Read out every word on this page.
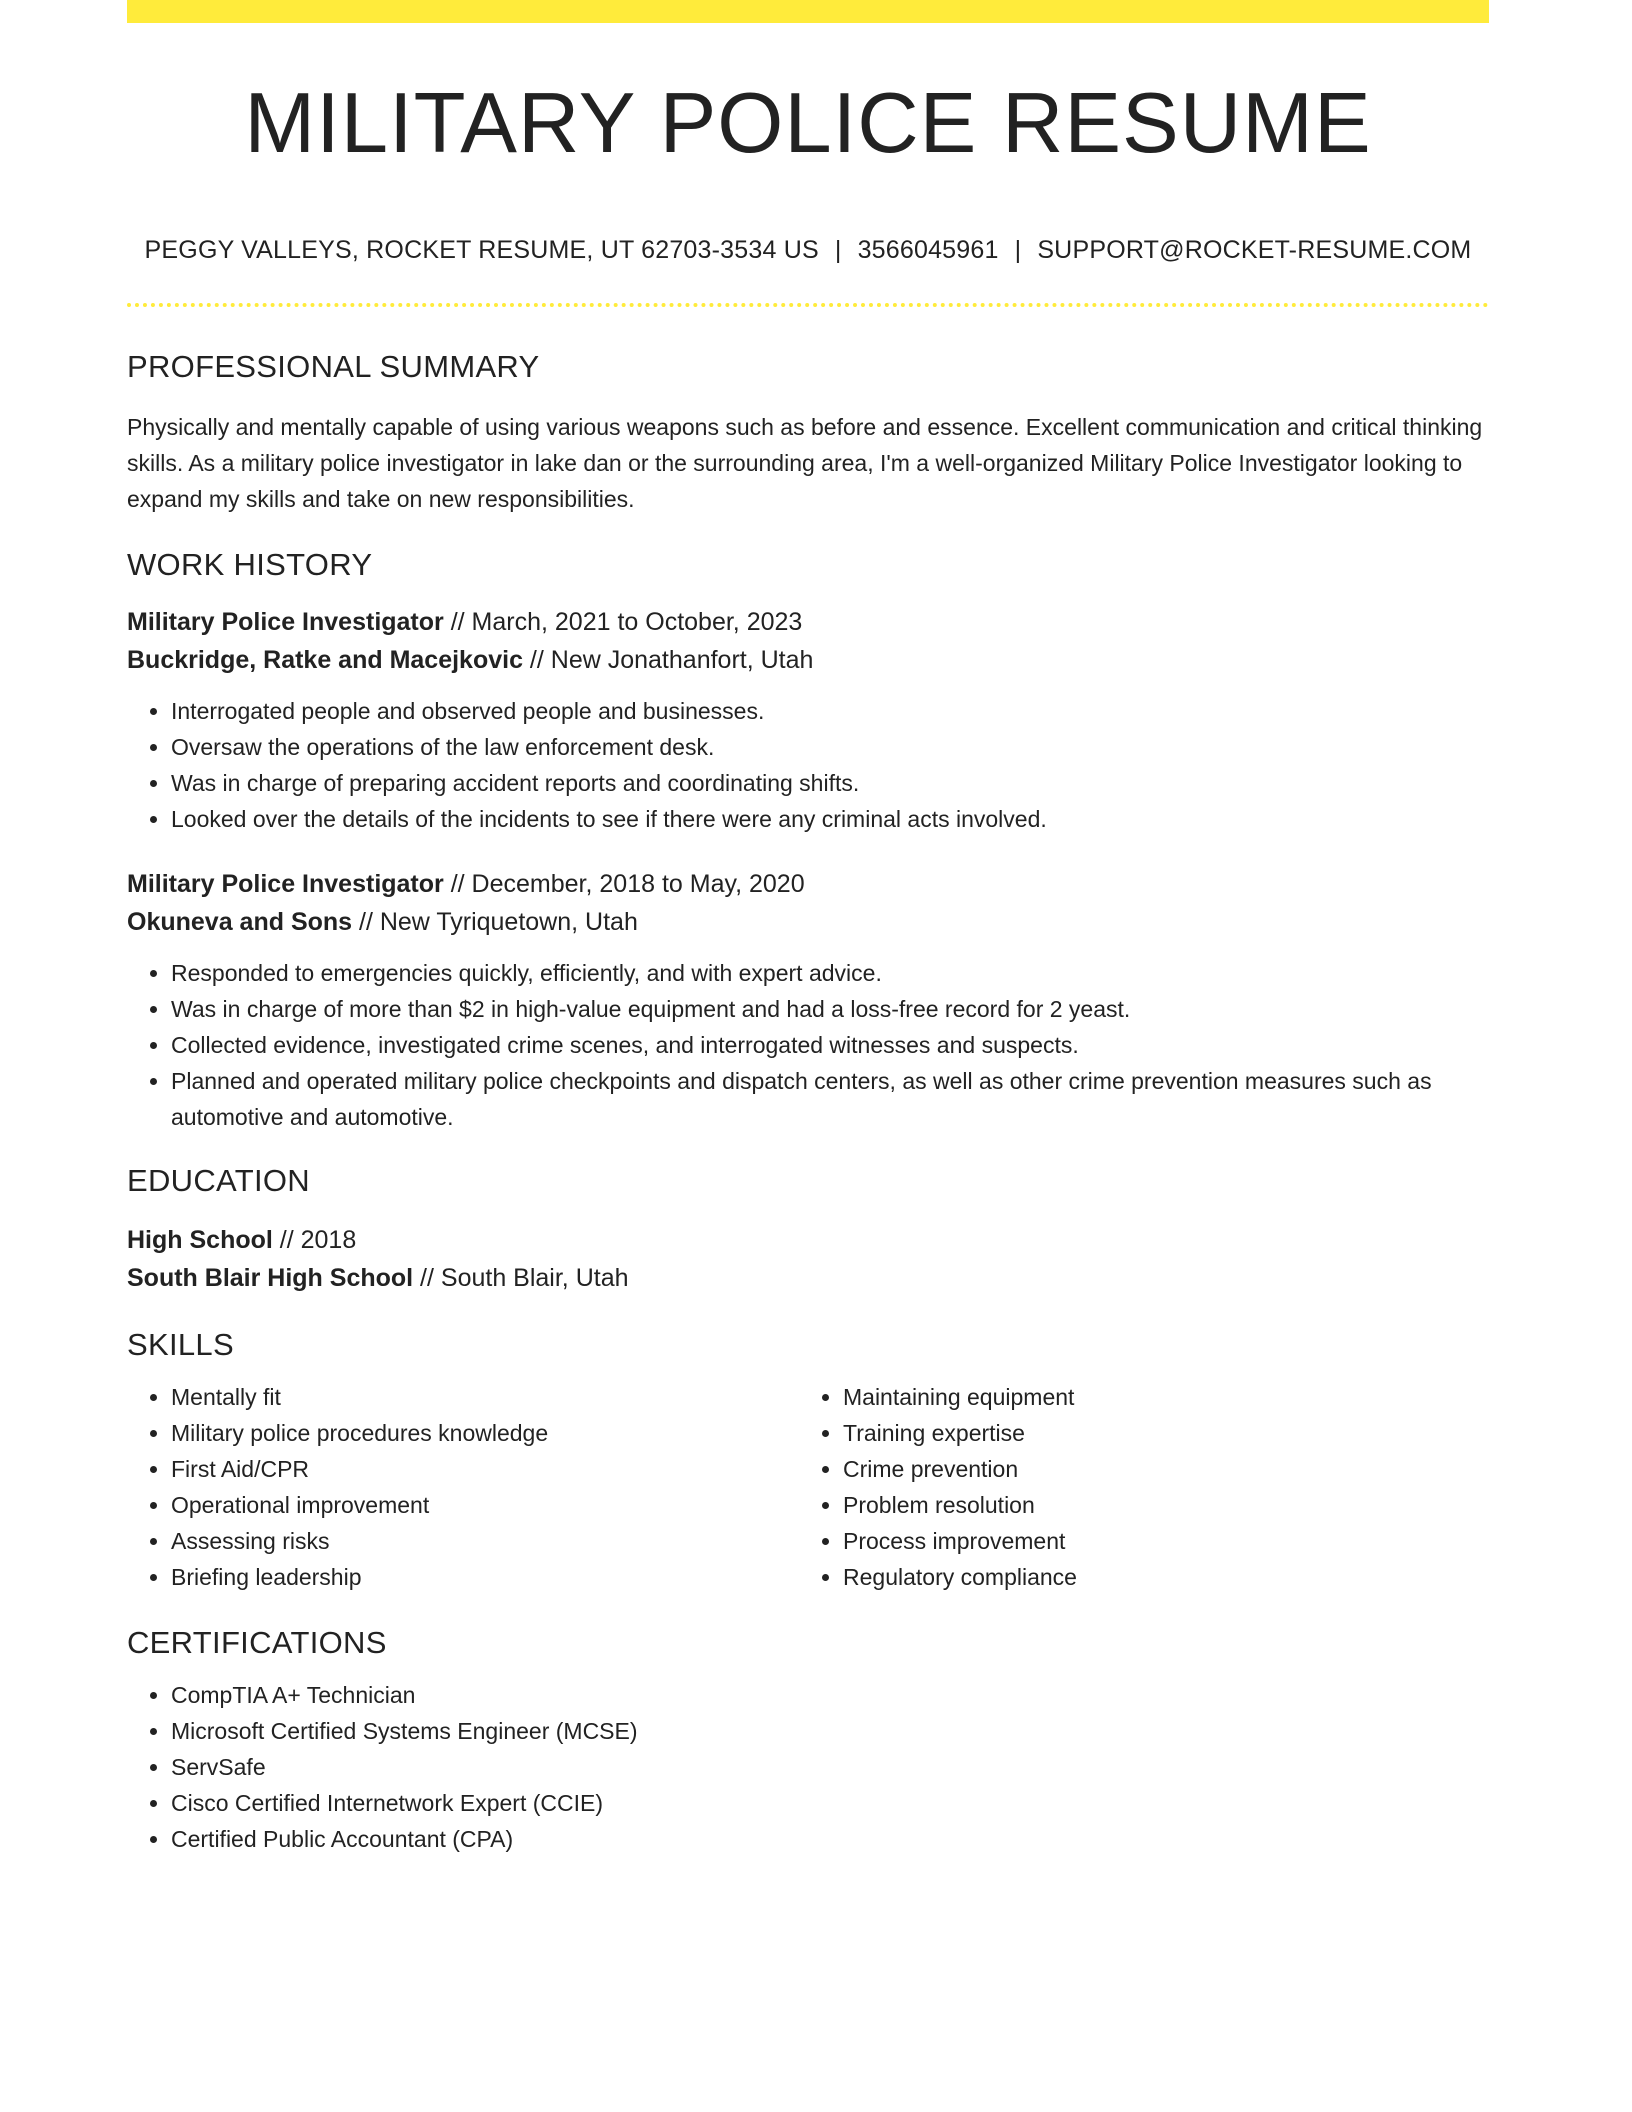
MILITARY POLICE RESUME
PEGGY VALLEYS, ROCKET RESUME, UT 62703-3534 US | 3566045961 | SUPPORT@ROCKET-RESUME.COM
PROFESSIONAL SUMMARY
Physically and mentally capable of using various weapons such as before and essence. Excellent communication and critical thinking skills. As a military police investigator in lake dan or the surrounding area, I'm a well-organized Military Police Investigator looking to expand my skills and take on new responsibilities.
WORK HISTORY
Military Police Investigator // March, 2021 to October, 2023
Buckridge, Ratke and Macejkovic // New Jonathanfort, Utah
• Interrogated people and observed people and businesses.
• Oversaw the operations of the law enforcement desk.
• Was in charge of preparing accident reports and coordinating shifts.
• Looked over the details of the incidents to see if there were any criminal acts involved.
Military Police Investigator // December, 2018 to May, 2020
Okuneva and Sons // New Tyriquetown, Utah
• Responded to emergencies quickly, efficiently, and with expert advice.
• Was in charge of more than $2 in high-value equipment and had a loss-free record for 2 yeast.
• Collected evidence, investigated crime scenes, and interrogated witnesses and suspects.
• Planned and operated military police checkpoints and dispatch centers, as well as other crime prevention measures such as automotive and automotive.
EDUCATION
High School // 2018
South Blair High School // South Blair, Utah
SKILLS
• Mentally fit
• Military police procedures knowledge
• First Aid/CPR
• Operational improvement
• Assessing risks
• Briefing leadership
• Maintaining equipment
• Training expertise
• Crime prevention
• Problem resolution
• Process improvement
• Regulatory compliance
CERTIFICATIONS
• CompTIA A+ Technician
• Microsoft Certified Systems Engineer (MCSE)
• ServSafe
• Cisco Certified Internetwork Expert (CCIE)
• Certified Public Accountant (CPA)
